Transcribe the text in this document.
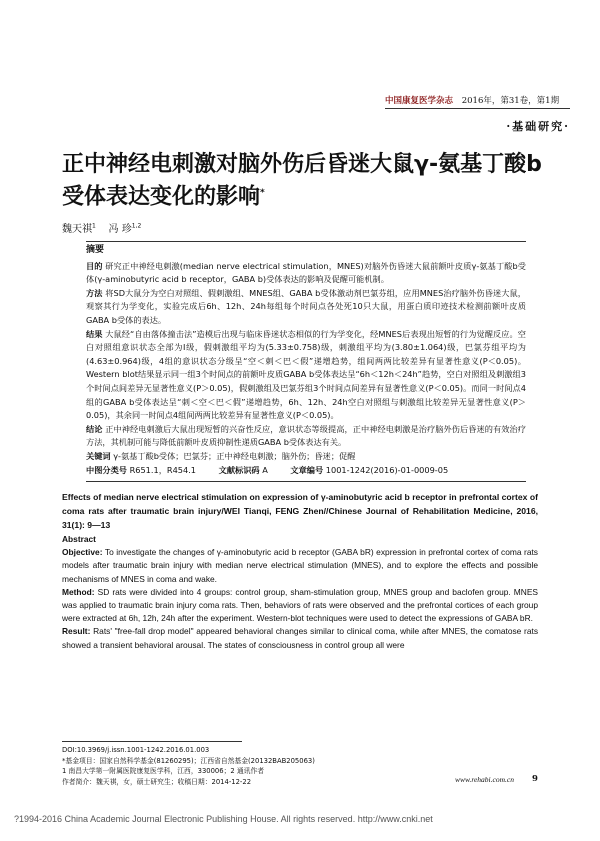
中国康复医学杂志 2016年，第31卷，第1期
·基础研究·
正中神经电刺激对脑外伤后昏迷大鼠γ-氨基丁酸b受体表达变化的影响*
魏天祺$^1$ 冯 珍$^{1,2}$
摘要

目的 研究正中神经电刺激(median nerve electrical stimulation，MNES)对脑外伤昏迷大鼠前额叶皮质γ-氨基丁酸b受体(γ-aminobutyric acid b receptor，GABA b)受体表达的影响及促醒可能机制。

方法 将SD大鼠分为空白对照组、假刺激组、MNES组、GABA b受体激动剂巴氯芬组，应用MNES治疗脑外伤昏迷大鼠，观察其行为学变化，实验完成后6h、12h、24h每组每个时间点各处死10只大鼠，用蛋白质印迹技术检测前额叶皮质GABA b受体的表达。

结果 大鼠经“自由落体撞击法”造模后出现与临床昏迷状态相似的行为学变化，经MNES后表现出短暂的行为觉醒反应。空白对照组意识状态全部为Ⅰ级，假刺激组平均为(5.33±0.758)级，刺激组平均为(3.80±1.064)级，巴氯芬组平均为(4.63±0.964)级，4组的意识状态分级呈“空＜刺＜巴＜假”递增趋势，组间两两比较差异有显著性意义(P＜0.05)。Western blot结果显示同一组3个时间点的前额叶皮质GABA b受体表达呈“6h＜12h＜24h”趋势，空白对照组及刺激组3个时间点间差异无显著性意义(P＞0.05)，假刺激组及巴氯芬组3个时间点间差异有显著性意义(P＜0.05)。而同一时间点4组的GABA b受体表达呈“刺＜空＜巴＜假”递增趋势，6h、12h、24h空白对照组与刺激组比较差异无显著性意义(P＞0.05)，其余同一时间点4组间两两比较差异有显著性意义(P＜0.05)。

结论 正中神经电刺激后大鼠出现短暂的兴奋性反应，意识状态等级提高，正中神经电刺激是治疗脑外伤后昏迷的有效治疗方法，其机制可能与降低前额叶皮质抑制性递质GABA b受体表达有关。

关键词 γ-氨基丁酸b受体；巴氯芬；正中神经电刺激；脑外伤；昏迷；促醒

中图分类号 R651.1，R454.1	文献标识码 A	文章编号 1001-1242(2016)-01-0009-05

Effects of median nerve electrical stimulation on expression of γ-aminobutyric acid b receptor in prefrontal cortex of coma rats after traumatic brain injury/WEI Tianqi, FENG Zhen//Chinese Journal of Rehabilitation Medicine, 2016, 31(1): 9—13

Abstract

Objective: To investigate the changes of γ-aminobutyric acid b receptor (GABA bR) expression in prefrontal cortex of coma rats models after traumatic brain injury with median nerve electrical stimulation (MNES), and to explore the effects and possible mechanisms of MNES in coma and wake.

Method: SD rats were divided into 4 groups: control group, sham-stimulation group, MNES group and baclofen group. MNES was applied to traumatic brain injury coma rats. Then, behaviors of rats were observed and the prefrontal cortices of each group were extracted at 6h, 12h, 24h after the experiment. Western-blot techniques were used to detect the expressions of GABA bR.

Result: Rats' "free-fall drop model" appeared behavioral changes similar to clinical coma, while after MNES, the comatose rats showed a transient behavioral arousal. The states of consciousness in control group all were

DOI:10.3969/j.issn.1001-1242.2016.01.003

*基金项目：国家自然科学基金(81260295)；江西省自然基金(20132BAB205063)

1 南昌大学第一附属医院康复医学科，江西，330006；2 通讯作者

作者简介：魏天祺，女，硕士研究生；收稿日期：2014-12-22	www.rehabi.com.cn 9
?1994-2016 China Academic Journal Electronic Publishing House. All rights reserved. http://www.cnki.net
